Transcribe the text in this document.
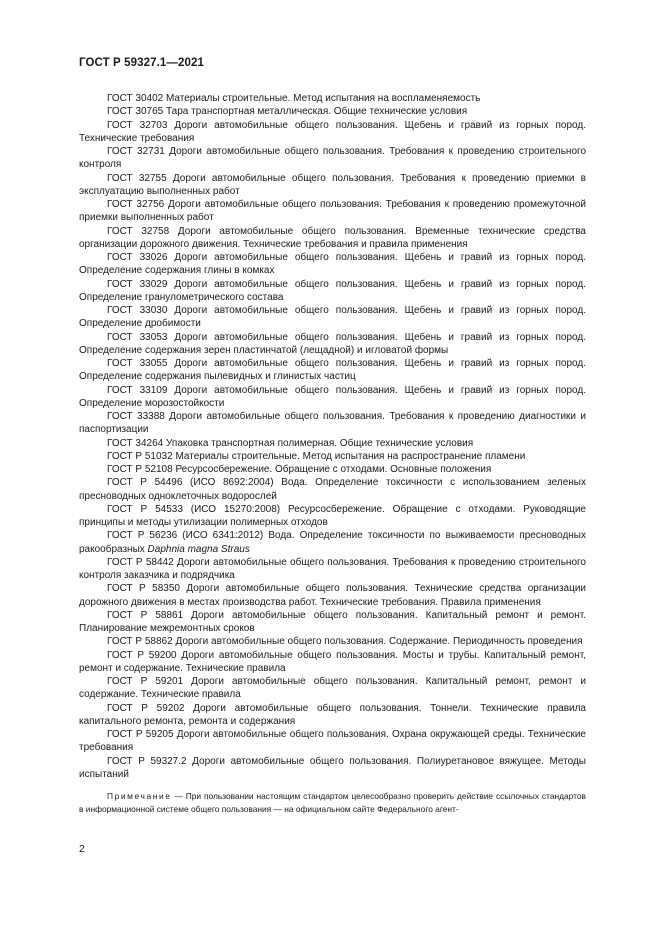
ГОСТ Р 59327.1—2021

ГОСТ 30402 Материалы строительные. Метод испытания на воспламеняемость

ГОСТ 30765 Тара транспортная металлическая. Общие технические условия

ГОСТ 32703 Дороги автомобильные общего пользования. Щебень и гравий из горных пород. Технические требования

ГОСТ 32731 Дороги автомобильные общего пользования. Требования к проведению строительного контроля

ГОСТ 32755 Дороги автомобильные общего пользования. Требования к проведению приемки в эксплуатацию выполненных работ

ГОСТ 32756 Дороги автомобильные общего пользования. Требования к проведению промежуточной приемки выполненных работ

ГОСТ 32758 Дороги автомобильные общего пользования. Временные технические средства организации дорожного движения. Технические требования и правила применения

ГОСТ 33026 Дороги автомобильные общего пользования. Щебень и гравий из горных пород. Определение содержания глины в комках

ГОСТ 33029 Дороги автомобильные общего пользования. Щебень и гравий из горных пород. Определение гранулометрического состава

ГОСТ 33030 Дороги автомобильные общего пользования. Щебень и гравий из горных пород. Определение дробимости

ГОСТ 33053 Дороги автомобильные общего пользования. Щебень и гравий из горных пород. Определение содержания зерен пластинчатой (лещадной) и игловатой формы

ГОСТ 33055 Дороги автомобильные общего пользования. Щебень и гравий из горных пород. Определение содержания пылевидных и глинистых частиц

ГОСТ 33109 Дороги автомобильные общего пользования. Щебень и гравий из горных пород. Определение морозостойкости

ГОСТ 33388 Дороги автомобильные общего пользования. Требования к проведению диагностики и паспортизации

ГОСТ 34264 Упаковка транспортная полимерная. Общие технические условия

ГОСТ Р 51032 Материалы строительные. Метод испытания на распространение пламени

ГОСТ Р 52108 Ресурсосбережение. Обращение с отходами. Основные положения

ГОСТ Р 54496 (ИСО 8692:2004) Вода. Определение токсичности с использованием зеленых пресноводных одноклеточных водорослей

ГОСТ Р 54533 (ИСО 15270:2008) Ресурсосбережение. Обращение с отходами. Руководящие принципы и методы утилизации полимерных отходов

ГОСТ Р 56236 (ИСО 6341:2012) Вода. Определение токсичности по выживаемости пресноводных ракообразных Daphnia magna Straus

ГОСТ Р 58442 Дороги автомобильные общего пользования. Требования к проведению строительного контроля заказчика и подрядчика

ГОСТ Р 58350 Дороги автомобильные общего пользования. Технические средства организации дорожного движения в местах производства работ. Технические требования. Правила применения

ГОСТ Р 58861 Дороги автомобильные общего пользования. Капитальный ремонт и ремонт. Планирование межремонтных сроков

ГОСТ Р 58862 Дороги автомобильные общего пользования. Содержание. Периодичность проведения

ГОСТ Р 59200 Дороги автомобильные общего пользования. Мосты и трубы. Капитальный ремонт, ремонт и содержание. Технические правила

ГОСТ Р 59201 Дороги автомобильные общего пользования. Капитальный ремонт, ремонт и содержание. Технические правила

ГОСТ Р 59202 Дороги автомобильные общего пользования. Тоннели. Технические правила капитального ремонта, ремонта и содержания

ГОСТ Р 59205 Дороги автомобильные общего пользования. Охрана окружающей среды. Технические требования

ГОСТ Р 59327.2 Дороги автомобильные общего пользования. Полиуретановое вяжущее. Методы испытаний

Примечание — При пользовании настоящим стандартом целесообразно проверить действие ссылочных стандартов в информационной системе общего пользования — на официальном сайте Федерального агент-

2
